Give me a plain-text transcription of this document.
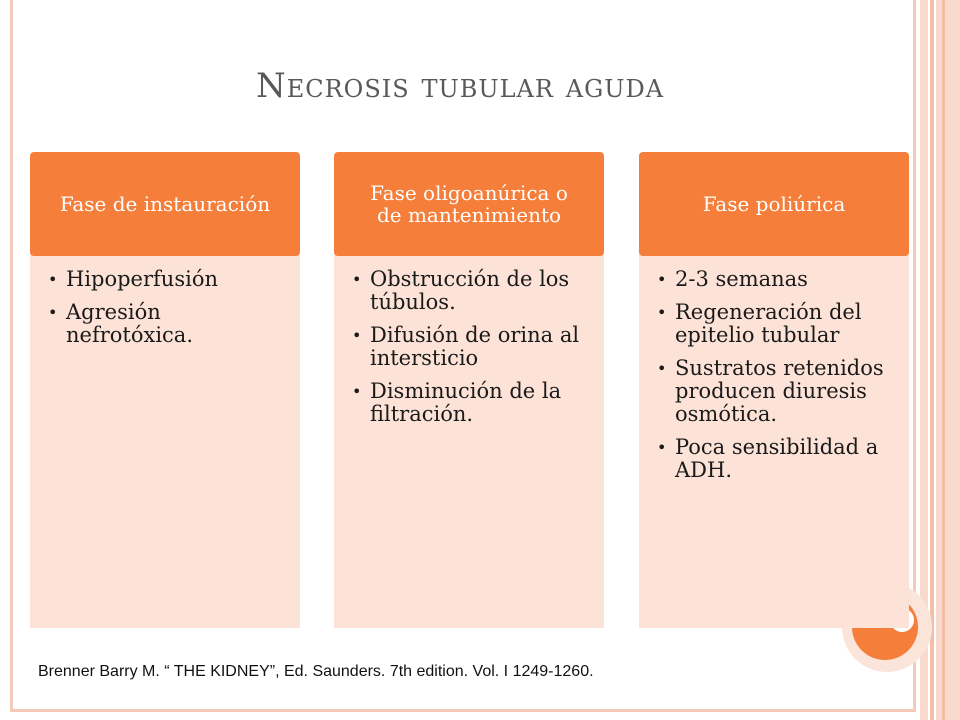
Necrosis tubular aguda
Fase de instauración
• Hipoperfusión
• Agresión nefrotóxica.
Fase oligoanúrica o de mantenimiento
• Obstrucción de los túbulos.
• Difusión de orina al intersticio
• Disminución de la filtración.
Fase poliúrica
• 2-3 semanas
• Regeneración del epitelio tubular
• Sustratos retenidos producen diuresis osmótica.
• Poca sensibilidad a ADH.
Brenner Barry M. “ THE KIDNEY”, Ed. Saunders. 7th edition. Vol. I 1249-1260.
